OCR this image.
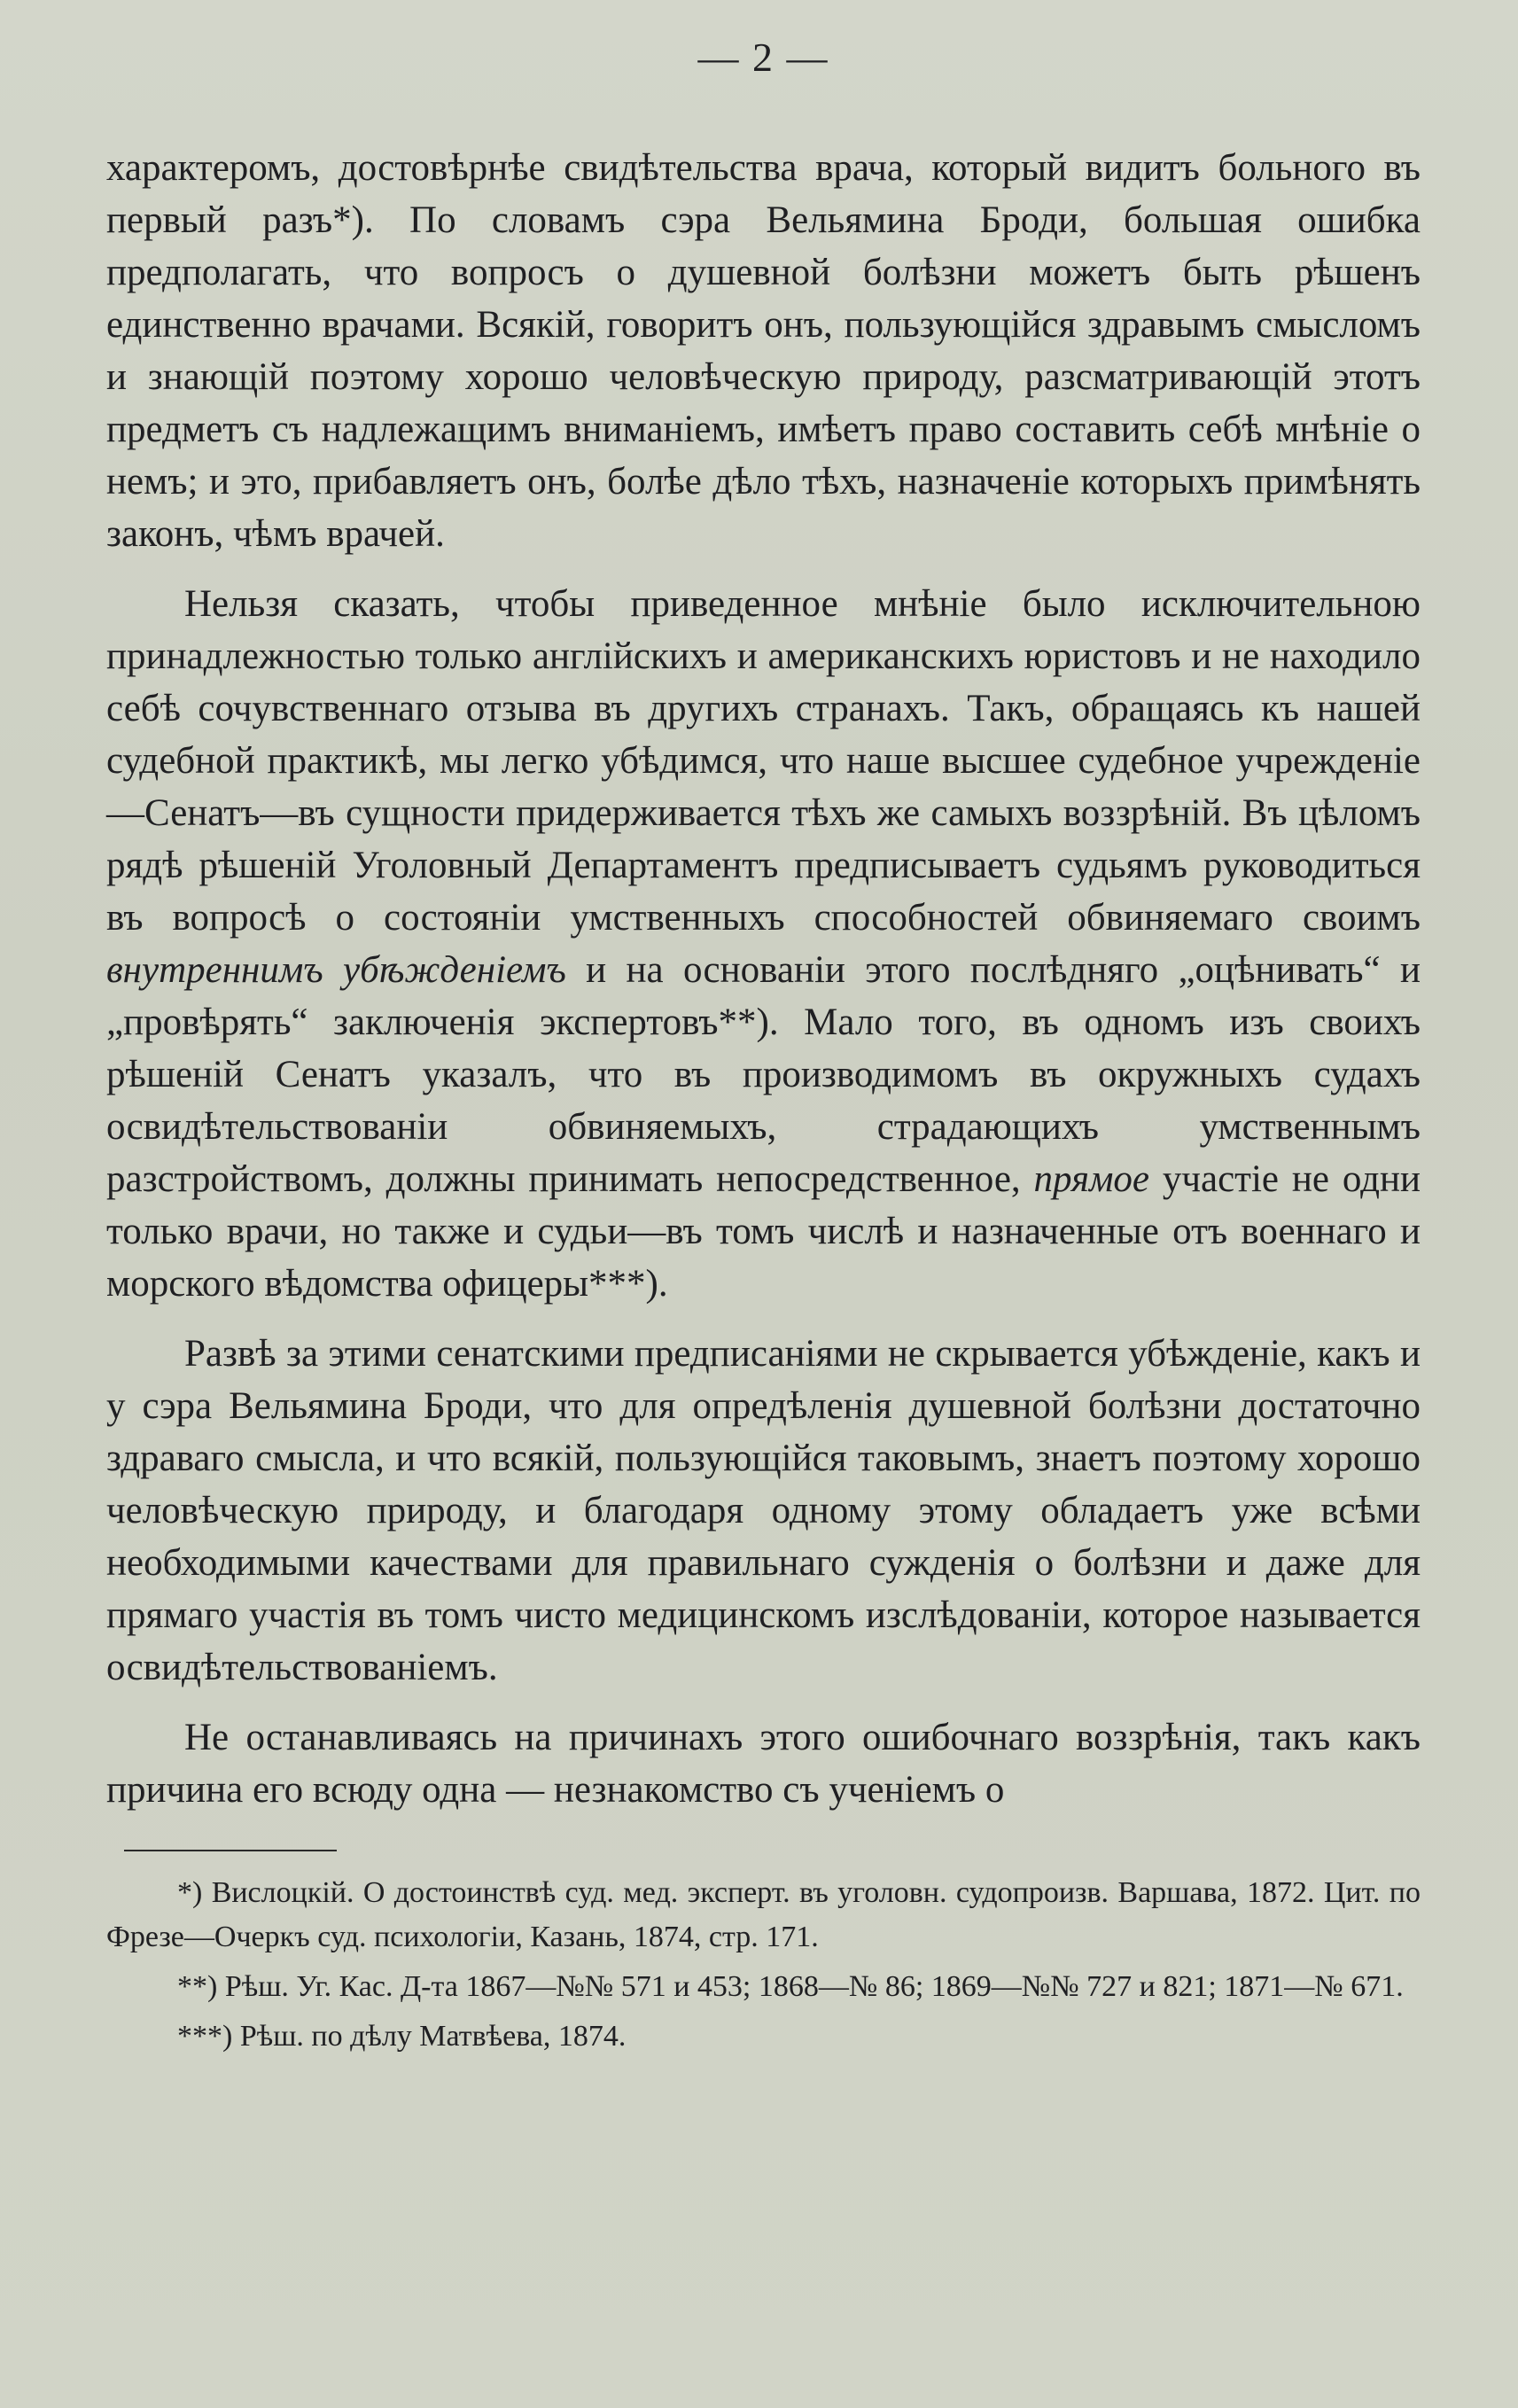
— 2 —

характеромъ, достовѣрнѣе свидѣтельства врача, который видитъ больного въ первый разъ*). По словамъ сэра Вельямина Броди, большая ошибка предполагать, что вопросъ о душевной болѣзни можетъ быть рѣшенъ единственно врачами. Всякій, говоритъ онъ, пользующійся здравымъ смысломъ и знающій поэтому хорошо человѣческую природу, разсматривающій этотъ предметъ съ надлежащимъ вниманіемъ, имѣетъ право составить себѣ мнѣніе о немъ; и это, прибавляетъ онъ, болѣе дѣло тѣхъ, назначеніе которыхъ примѣнять законъ, чѣмъ врачей.

Нельзя сказать, чтобы приведенное мнѣніе было исключительною принадлежностью только англійскихъ и американскихъ юристовъ и не находило себѣ сочувственнаго отзыва въ другихъ странахъ. Такъ, обращаясь къ нашей судебной практикѣ, мы легко убѣдимся, что наше высшее судебное учрежденіе—Сенатъ—въ сущности придерживается тѣхъ же самыхъ воззрѣній. Въ цѣломъ рядѣ рѣшеній Уголовный Департаментъ предписываетъ судьямъ руководиться въ вопросѣ о состояніи умственныхъ способностей обвиняемаго своимъ внутреннимъ убѣжденіемъ и на основаніи этого послѣдняго „оцѣнивать“ и „провѣрять“ заключенія экспертовъ**). Мало того, въ одномъ изъ своихъ рѣшеній Сенатъ указалъ, что въ производимомъ въ окружныхъ судахъ освидѣтельствованіи обвиняемыхъ, страдающихъ умственнымъ разстройствомъ, должны принимать непосредственное, прямое участіе не одни только врачи, но также и судьи—въ томъ числѣ и назначенные отъ военнаго и морского вѣдомства офицеры***).

Развѣ за этими сенатскими предписаніями не скрывается убѣжденіе, какъ и у сэра Вельямина Броди, что для опредѣленія душевной болѣзни достаточно здраваго смысла, и что всякій, пользующійся таковымъ, знаетъ поэтому хорошо человѣческую природу, и благодаря одному этому обладаетъ уже всѣми необходимыми качествами для правильнаго сужденія о болѣзни и даже для прямаго участія въ томъ чисто медицинскомъ изслѣдованіи, которое называется освидѣтельствованіемъ.

Не останавливаясь на причинахъ этого ошибочнаго воззрѣнія, такъ какъ причина его всюду одна — незнакомство съ ученіемъ о

*) Вислоцкій. О достоинствѣ суд. мед. эксперт. въ уголовн. судопроизв. Варшава, 1872. Цит. по Фрезе—Очеркъ суд. психологіи, Казань, 1874, стр. 171.

**) Рѣш. Уг. Кас. Д-та 1867—№№ 571 и 453; 1868—№ 86; 1869—№№ 727 и 821; 1871—№ 671.

***) Рѣш. по дѣлу Матвѣева, 1874.
